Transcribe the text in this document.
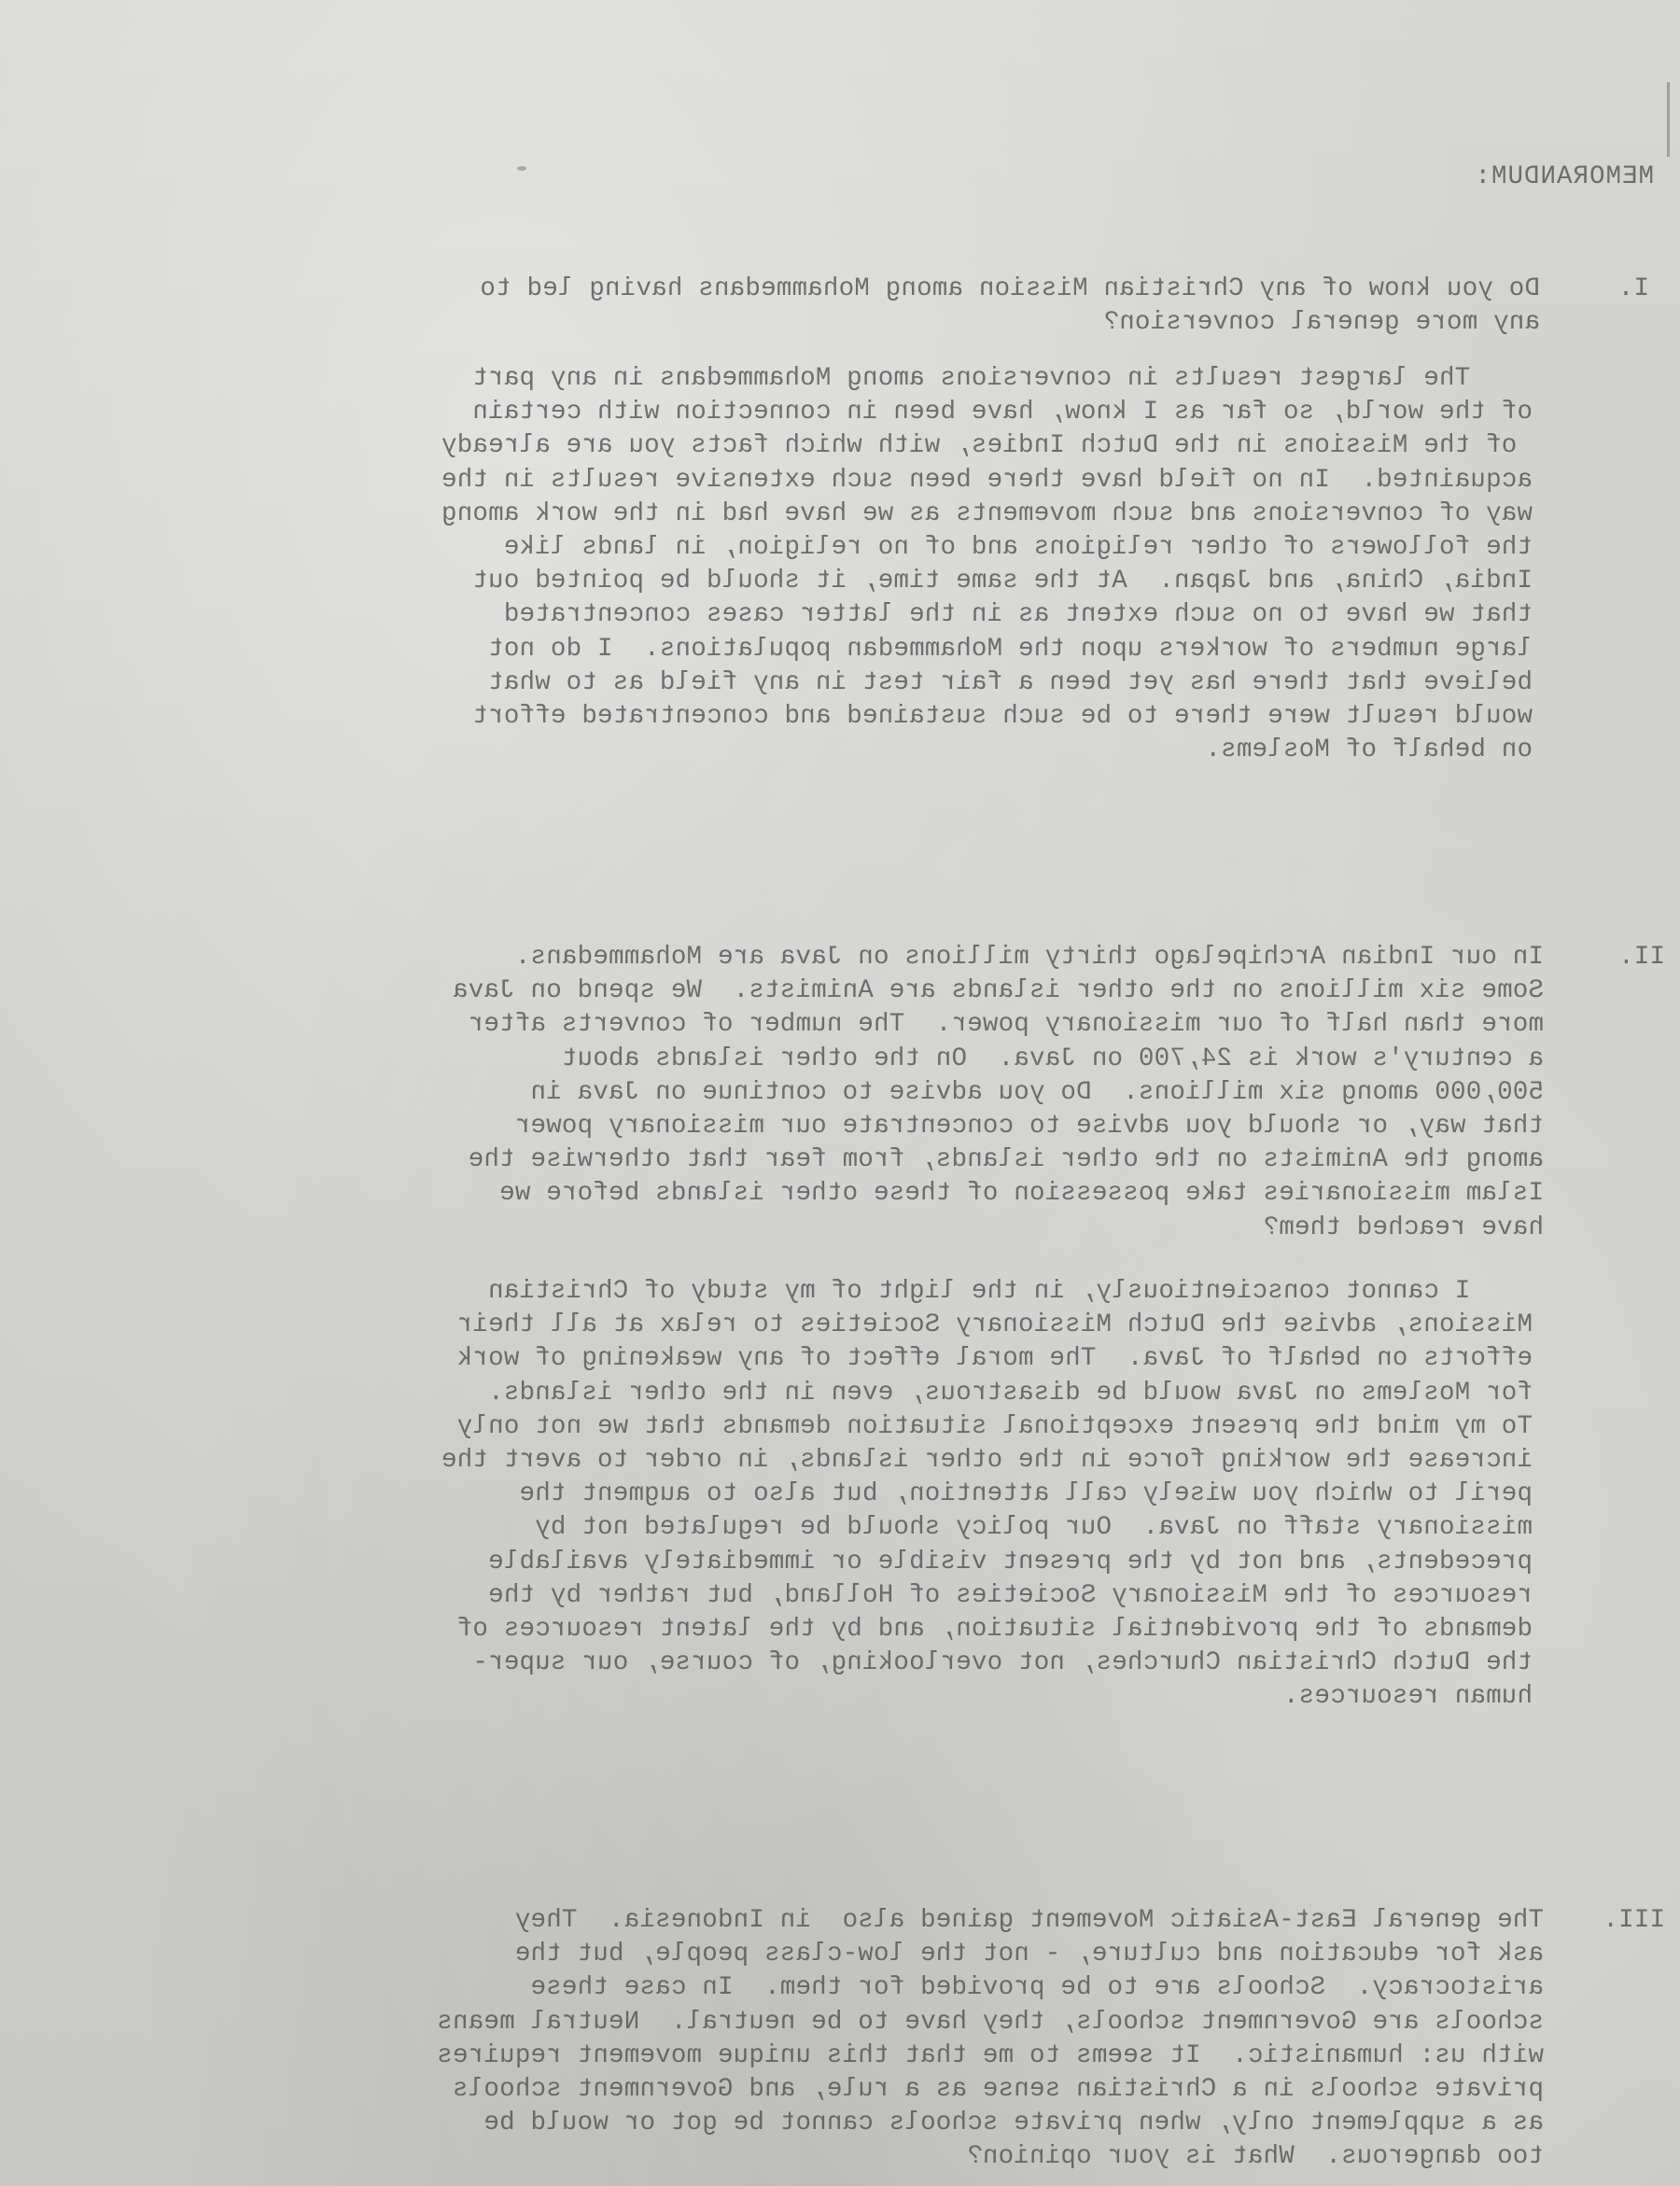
MEMORANDUM:
I.
Do you know of any Christian Mission among Mohammedans having led to
any more general conversion?
The largest results in conversions among Mohammedans in any part
of the world, so far as I know, have been in connection with certain
of the Missions in the Dutch Indies, with which facts you are already
acquainted.  In no field have there been such extensive results in the
way of conversions and such movements as we have had in the work among
the followers of other religions and of no religion, in lands like
India, China, and Japan.  At the same time, it should be pointed out
that we have to no such extent as in the latter cases concentrated
large numbers of workers upon the Mohammedan populations.  I do not
believe that there has yet been a fair test in any field as to what
would result were there to be such sustained and concentrated effort
on behalf of Moslems.
II.
In our Indian Archipelago thirty millions on Java are Mohammedans.
Some six millions on the other islands are Animists.  We spend on Java
more than half of our missionary power.  The number of converts after
a century's work is 24,700 on Java.  On the other islands about
500,000 among six millions.  Do you advise to continue on Java in
that way, or should you advise to concentrate our missionary power
among the Animists on the other islands, from fear that otherwise the
Islam missionaries take possession of these other islands before we
have reached them?
I cannot conscientiously, in the light of my study of Christian
Missions, advise the Dutch Missionary Societies to relax at all their
efforts on behalf of Java.  The moral effect of any weakening of work
for Moslems on Java would be disastrous, even in the other islands.
To my mind the present exceptional situation demands that we not only
increase the working force in the other islands, in order to avert the
peril to which you wisely call attention, but also to augment the
missionary staff on Java.  Our policy should be regulated not by
precedents, and not by the present visible or immediately available
resources of the Missionary Societies of Holland, but rather by the
demands of the providential situation, and by the latent resources of
the Dutch Christian Churches, not overlooking, of course, our super-
human resources.
III.
The general East-Asiatic Movement gained also  in Indonesia.  They
ask for education and culture, - not the low-class people, but the
aristocracy.  Schools are to be provided for them.  In case these
schools are Government schools, they have to be neutral.  Neutral means
with us: humanistic.  It seems to me that this unique movement requires
private schools in a Christian sense as a rule, and Government schools
as a supplement only, when private schools cannot be got or would be
too dangerous.  What is your opinion?
